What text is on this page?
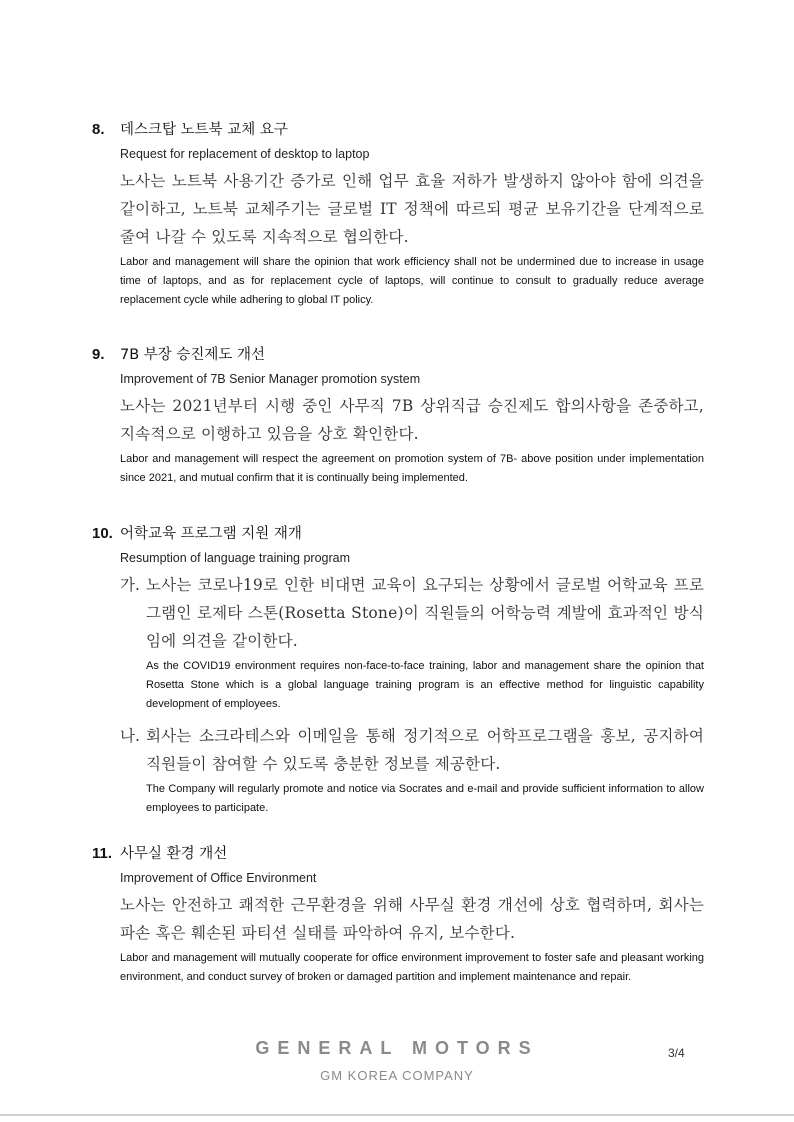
8.	데스크탑 노트북 교체 요구
Request for replacement of desktop to laptop
노사는 노트북 사용기간 증가로 인해 업무 효율 저하가 발생하지 않아야 함에 의견을 같이하고, 노트북 교체주기는 글로벌 IT 정책에 따르되 평균 보유기간을 단계적으로 줄여 나갈 수 있도록 지속적으로 협의한다.
Labor and management will share the opinion that work efficiency shall not be undermined due to increase in usage time of laptops, and as for replacement cycle of laptops, will continue to consult to gradually reduce average replacement cycle while adhering to global IT policy.
9.	7B 부장 승진제도 개선
Improvement of 7B Senior Manager promotion system
노사는 2021년부터 시행 중인 사무직 7B 상위직급 승진제도 합의사항을 존중하고, 지속적으로 이행하고 있음을 상호 확인한다.
Labor and management will respect the agreement on promotion system of 7B- above position under implementation since 2021, and mutual confirm that it is continually being implemented.
10. 어학교육 프로그램 지원 재개
Resumption of language training program
가. 노사는 코로나19로 인한 비대면 교육이 요구되는 상황에서 글로벌 어학교육 프로그램인 로제타 스톤(Rosetta Stone)이 직원들의 어학능력 계발에 효과적인 방식임에 의견을 같이한다.
As the COVID19 environment requires non-face-to-face training, labor and management share the opinion that Rosetta Stone which is a global language training program is an effective method for linguistic capability development of employees.
나. 회사는 소크라테스와 이메일을 통해 정기적으로 어학프로그램을 홍보, 공지하여 직원들이 참여할 수 있도록 충분한 정보를 제공한다.
The Company will regularly promote and notice via Socrates and e-mail and provide sufficient information to allow employees to participate.
11. 사무실 환경 개선
Improvement of Office Environment
노사는 안전하고 쾌적한 근무환경을 위해 사무실 환경 개선에 상호 협력하며, 회사는 파손 혹은 훼손된 파티션 실태를 파악하여 유지, 보수한다.
Labor and management will mutually cooperate for office environment improvement to foster safe and pleasant working environment, and conduct survey of broken or damaged partition and implement maintenance and repair.
GENERAL MOTORS
GM KOREA COMPANY
3/4
